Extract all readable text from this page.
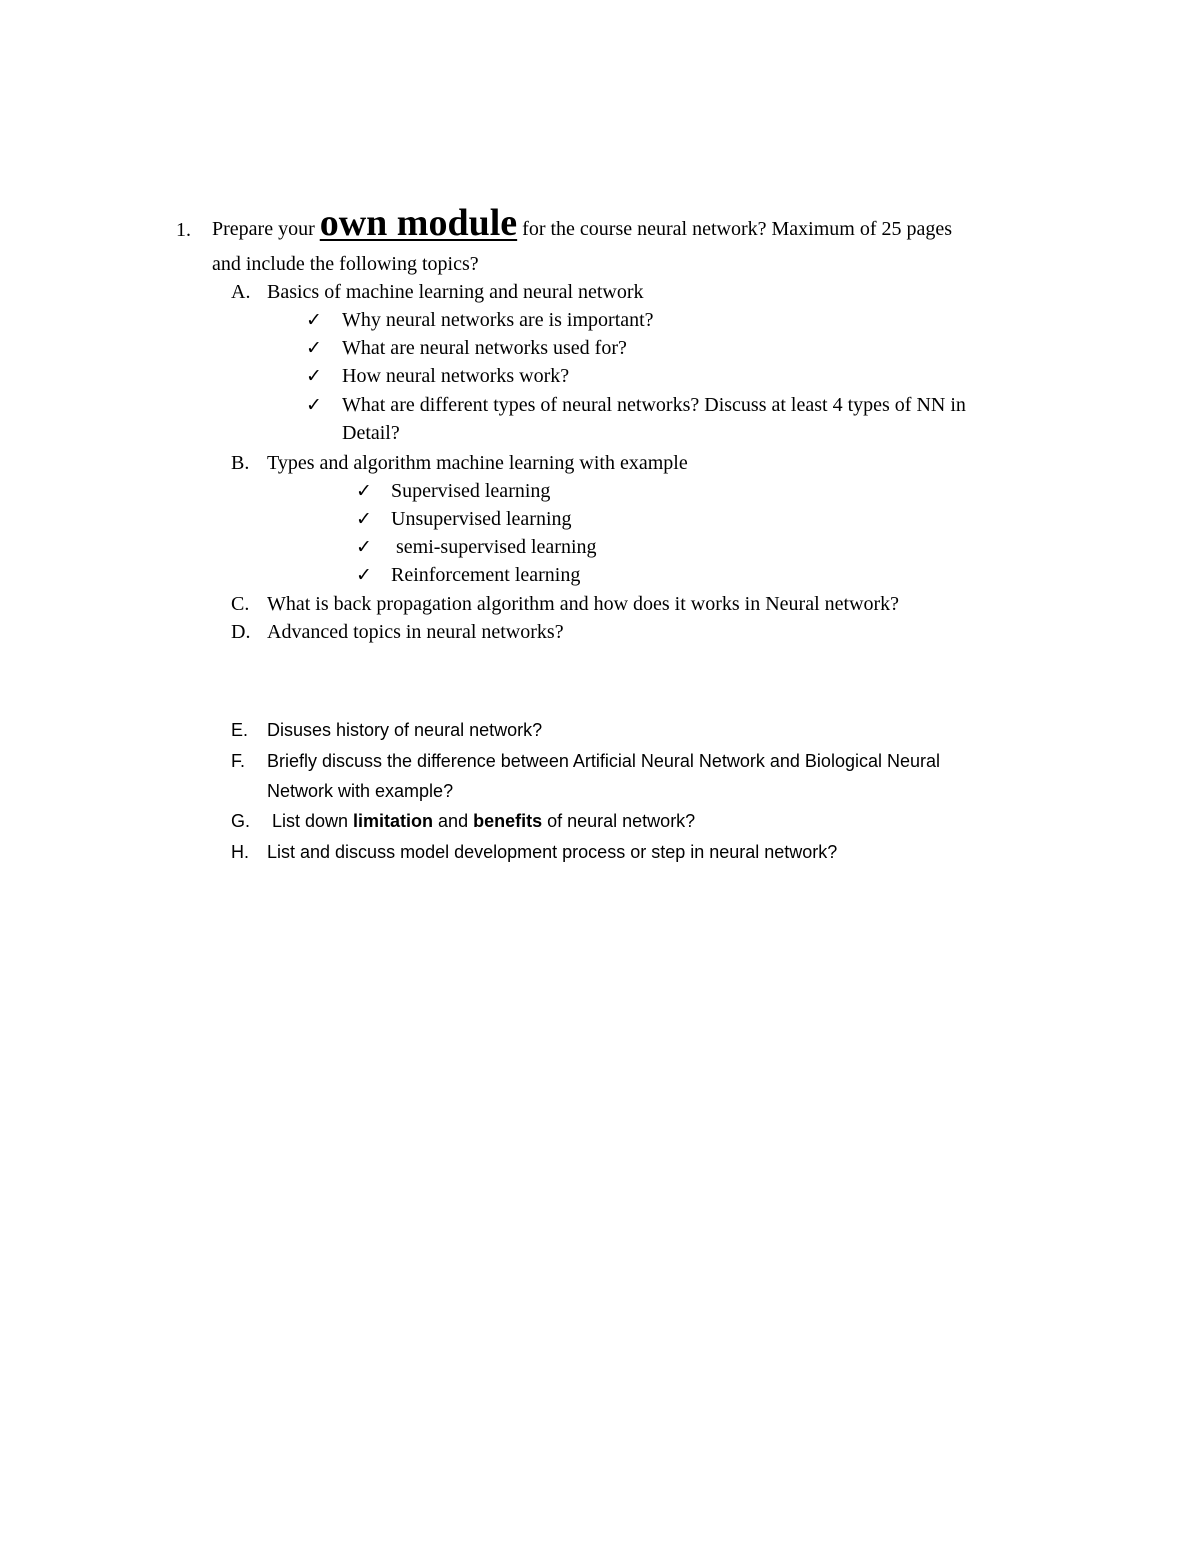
1. Prepare your own module for the course neural network? Maximum of 25 pages
and include the following topics?
A. Basics of machine learning and neural network
✓ Why neural networks are is important?
✓ What are neural networks used for?
✓ How neural networks work?
✓ What are different types of neural networks? Discuss at least 4 types of NN in
Detail?
B. Types and algorithm machine learning with example
✓ Supervised learning
✓ Unsupervised learning
✓ semi-supervised learning
✓ Reinforcement learning
C. What is back propagation algorithm and how does it works in Neural network?
D. Advanced topics in neural networks?
E. Disuses history of neural network?
F. Briefly discuss the difference between Artificial Neural Network and Biological Neural
Network with example?
G. List down limitation and benefits of neural network?
H. List and discuss model development process or step in neural network?
